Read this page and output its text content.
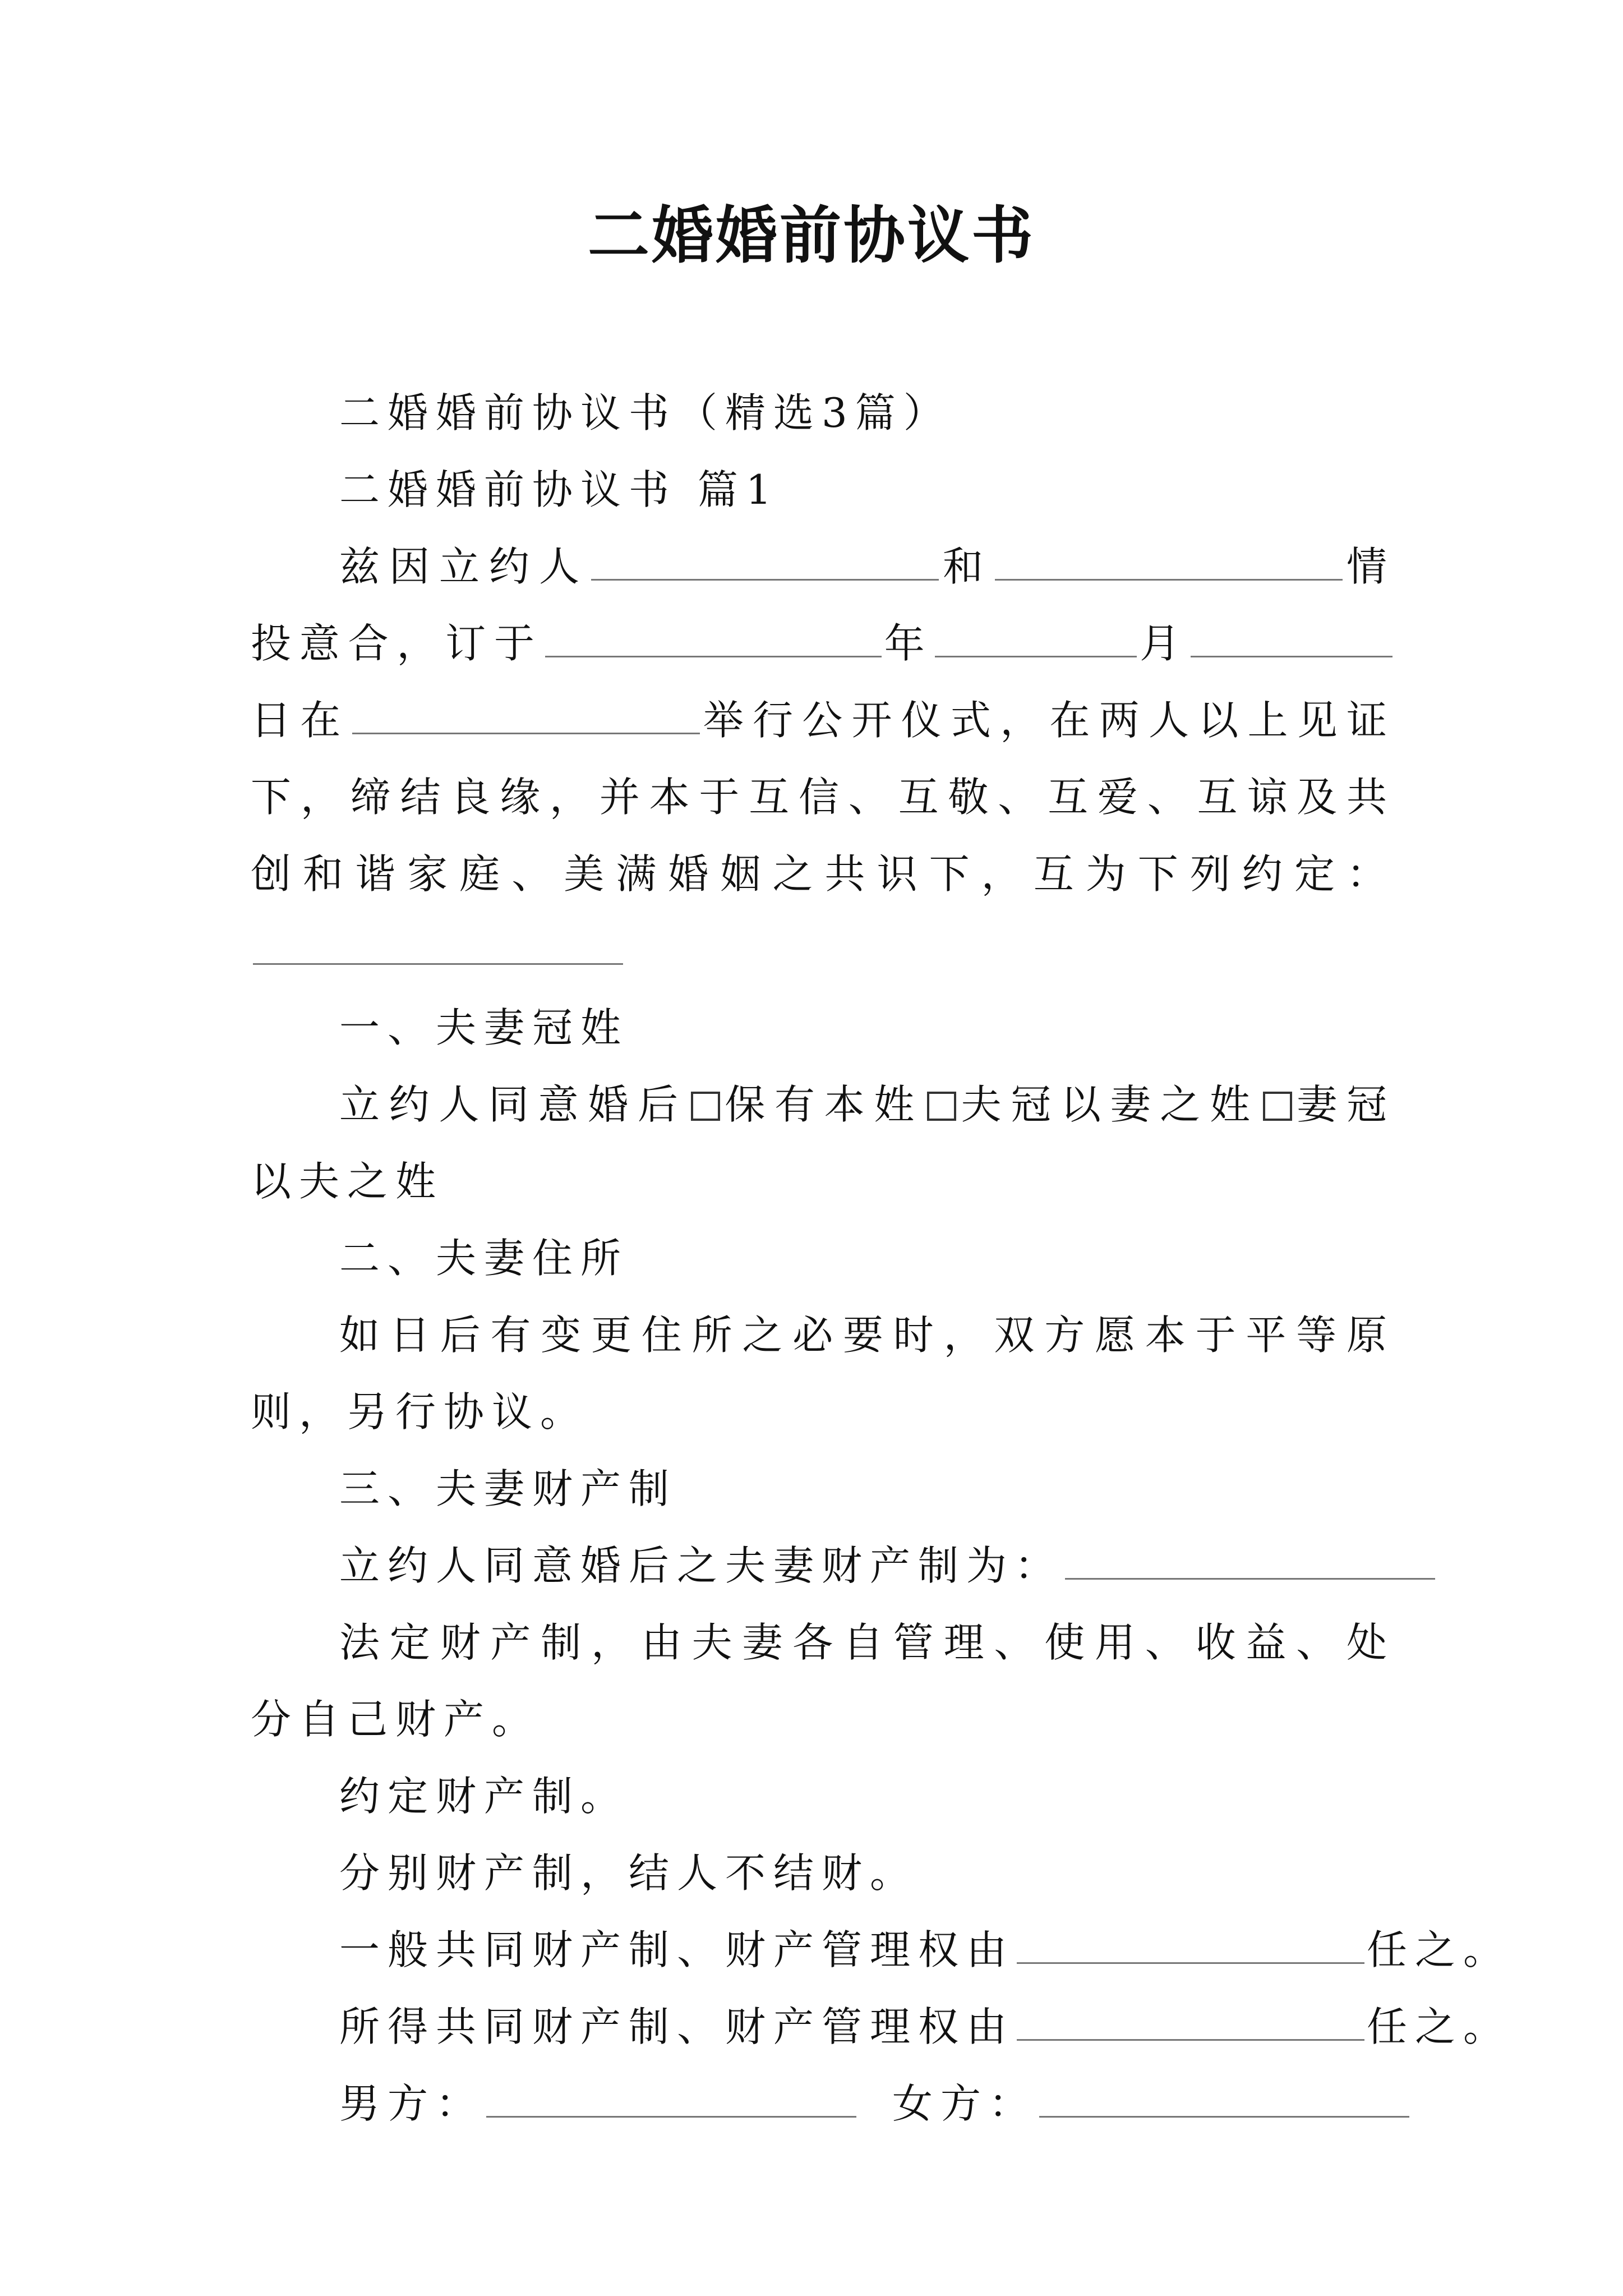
二婚婚前协议书

二婚婚前协议书（精选3篇）

二婚婚前协议书 篇1

兹因立约人	和	情投意合，订于	年	月日在	举行公开仪式，在两人以上见证下，缔结良缘，并本于互信、互敬、互爱、互谅及共创和谐家庭、美满婚姻之共识下，互为下列约定：

一、夫妻冠姓

立约人同意婚后 保有本姓 夫冠以妻之姓 妻冠以夫之姓

二、夫妻住所

如日后有变更住所之必要时，双方愿本于平等原则，另行协议。

三、夫妻财产制

立约人同意婚后之夫妻财产制为：

法定财产制，由夫妻各自管理、使用、收益、处分自己财产。

约定财产制。

分别财产制，结人不结财。

一般共同财产制、财产管理权由	任之。

所得共同财产制、财产管理权由	任之。

男方：	女方：
